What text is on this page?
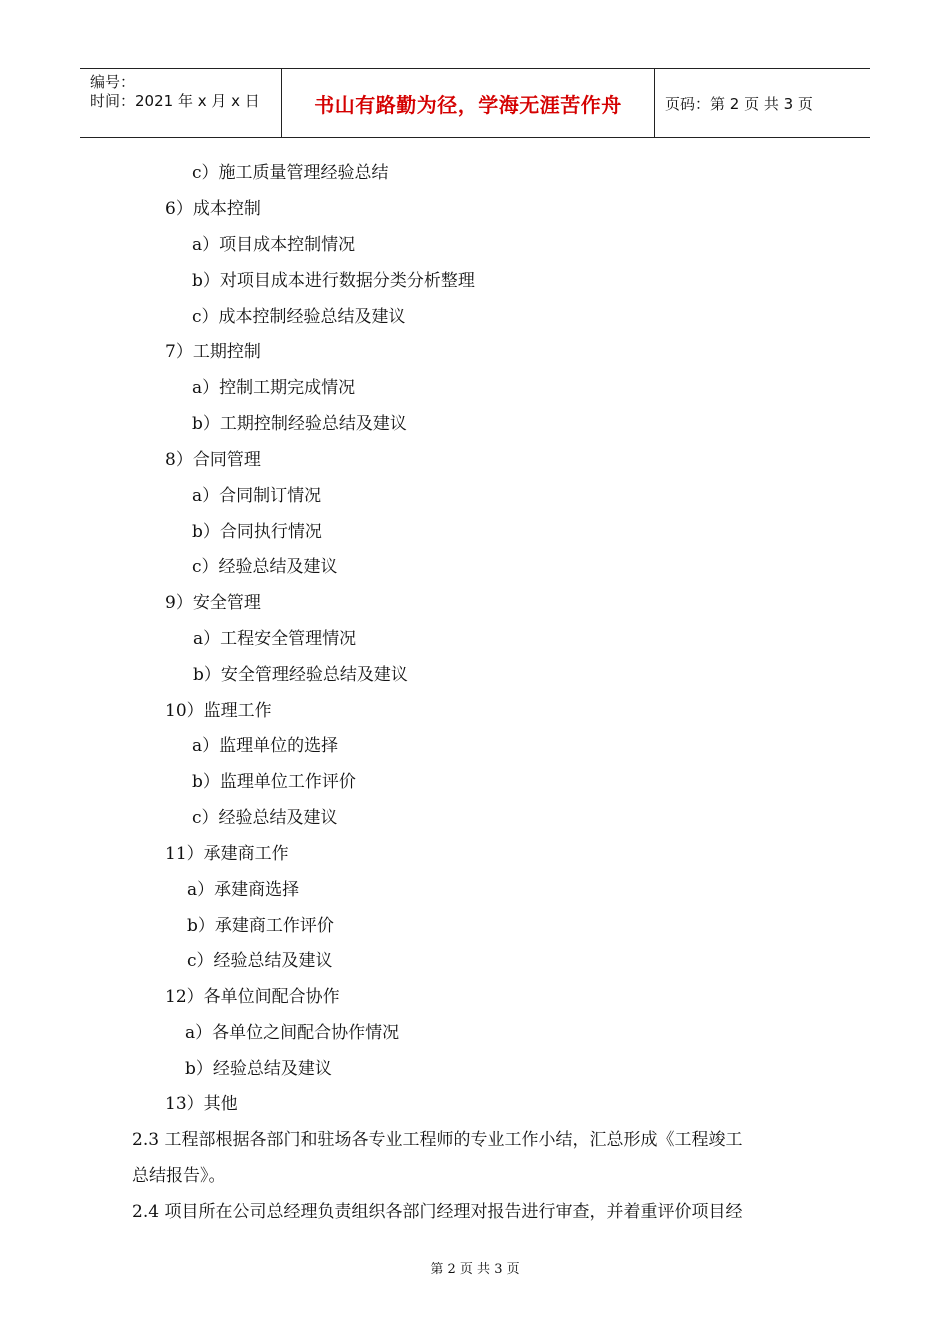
编号：
时间：2021 年 x 月 x 日	书山有路勤为径，学海无涯苦作舟	页码：第 2 页 共 3 页
c）施工质量管理经验总结
6）成本控制
a）项目成本控制情况
b）对项目成本进行数据分类分析整理
c）成本控制经验总结及建议
7）工期控制
a）控制工期完成情况
b）工期控制经验总结及建议
8）合同管理
a）合同制订情况
b）合同执行情况
c）经验总结及建议
9）安全管理
a）工程安全管理情况
b）安全管理经验总结及建议
10）监理工作
a）监理单位的选择
b）监理单位工作评价
c）经验总结及建议
11）承建商工作
a）承建商选择
b）承建商工作评价
c）经验总结及建议
12）各单位间配合协作
a）各单位之间配合协作情况
b）经验总结及建议
13）其他
2.3 工程部根据各部门和驻场各专业工程师的专业工作小结，汇总形成《工程竣工
总结报告》。
2.4 项目所在公司总经理负责组织各部门经理对报告进行审查，并着重评价项目经
第 2 页 共 3 页
